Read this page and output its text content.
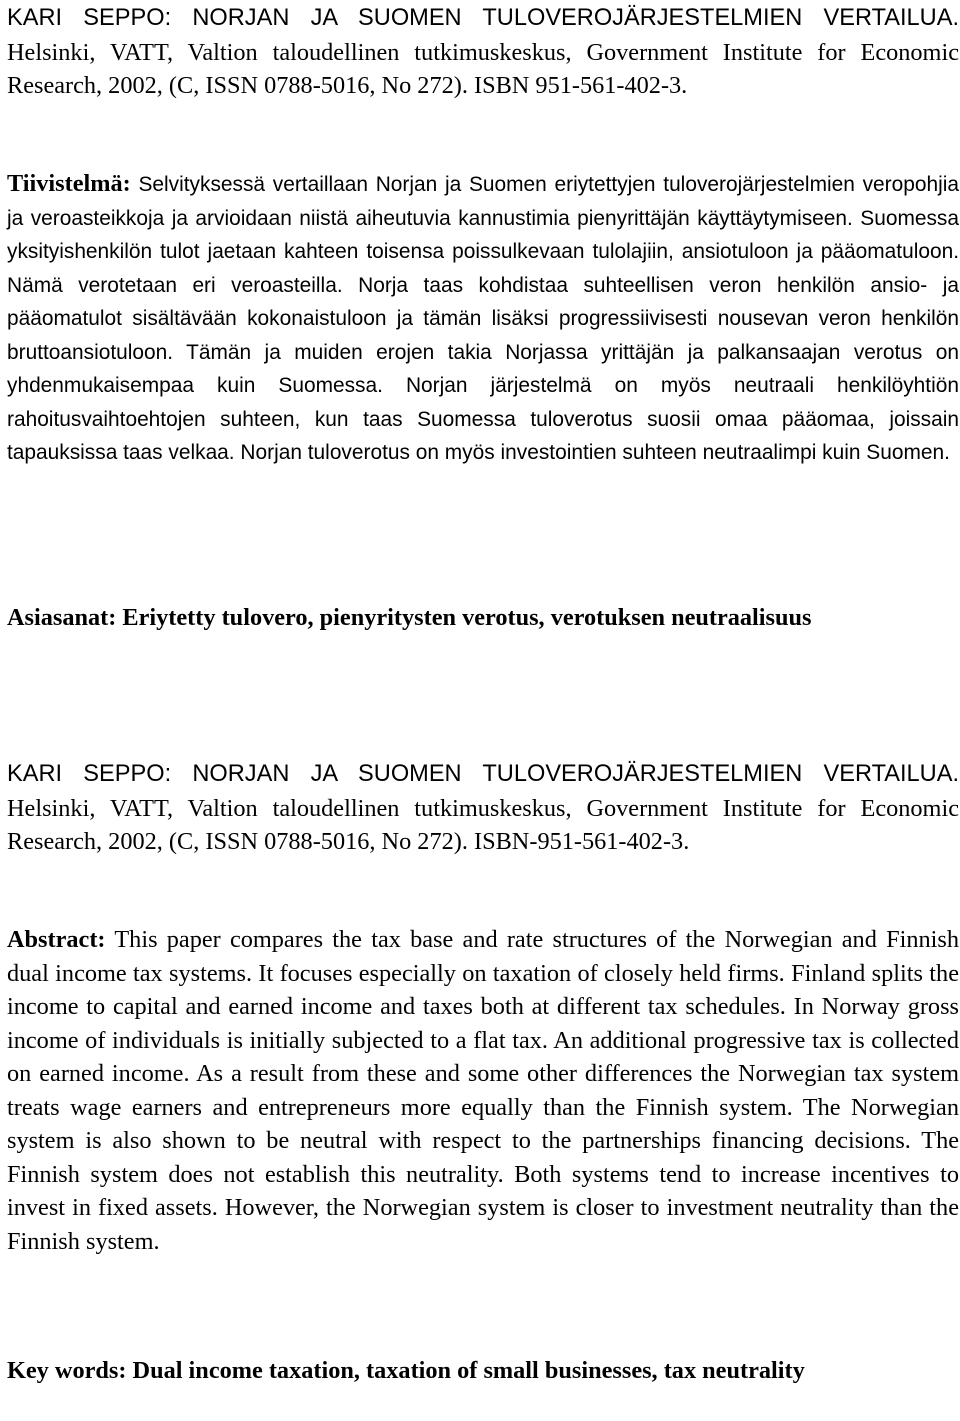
KARI SEPPO: NORJAN JA SUOMEN TULOVEROJÄRJESTELMIEN VERTAILUA. Helsinki, VATT, Valtion taloudellinen tutkimuskeskus, Government Institute for Economic Research, 2002, (C, ISSN 0788-5016, No 272). ISBN 951-561-402-3.

Tiivistelmä: Selvityksessä vertaillaan Norjan ja Suomen eriytettyjen tuloverojärjestelmien veropohjia ja veroasteikkoja ja arvioidaan niistä aiheutuvia kannustimia pienyrittäjän käyttäytymiseen. Suomessa yksityishenkilön tulot jaetaan kahteen toisensa poissulkevaan tulolajiin, ansiotuloon ja pääomatuloon. Nämä verotetaan eri veroasteilla. Norja taas kohdistaa suhteellisen veron henkilön ansio- ja pääomatulot sisältävään kokonaistuloon ja tämän lisäksi progressiivisesti nousevan veron henkilön bruttoansiotuloon. Tämän ja muiden erojen takia Norjassa yrittäjän ja palkansaajan verotus on yhdenmukaisempaa kuin Suomessa. Norjan järjestelmä on myös neutraali henkilöyhtiön rahoitusvaihtoehtojen suhteen, kun taas Suomessa tuloverotus suosii omaa pääomaa, joissain tapauksissa taas velkaa. Norjan tuloverotus on myös investointien suhteen neutraalimpi kuin Suomen.

Asiasanat: Eriytetty tulovero, pienyritysten verotus, verotuksen neutraalisuus

KARI SEPPO: NORJAN JA SUOMEN TULOVEROJÄRJESTELMIEN VERTAILUA. Helsinki, VATT, Valtion taloudellinen tutkimuskeskus, Government Institute for Economic Research, 2002, (C, ISSN 0788-5016, No 272). ISBN-951-561-402-3.

Abstract: This paper compares the tax base and rate structures of the Norwegian and Finnish dual income tax systems. It focuses especially on taxation of closely held firms. Finland splits the income to capital and earned income and taxes both at different tax schedules. In Norway gross income of individuals is initially subjected to a flat tax. An additional progressive tax is collected on earned income. As a result from these and some other differences the Norwegian tax system treats wage earners and entrepreneurs more equally than the Finnish system. The Norwegian system is also shown to be neutral with respect to the partnerships financing decisions. The Finnish system does not establish this neutrality. Both systems tend to increase incentives to invest in fixed assets. However, the Norwegian system is closer to investment neutrality than the Finnish system.

Key words: Dual income taxation, taxation of small businesses, tax neutrality
